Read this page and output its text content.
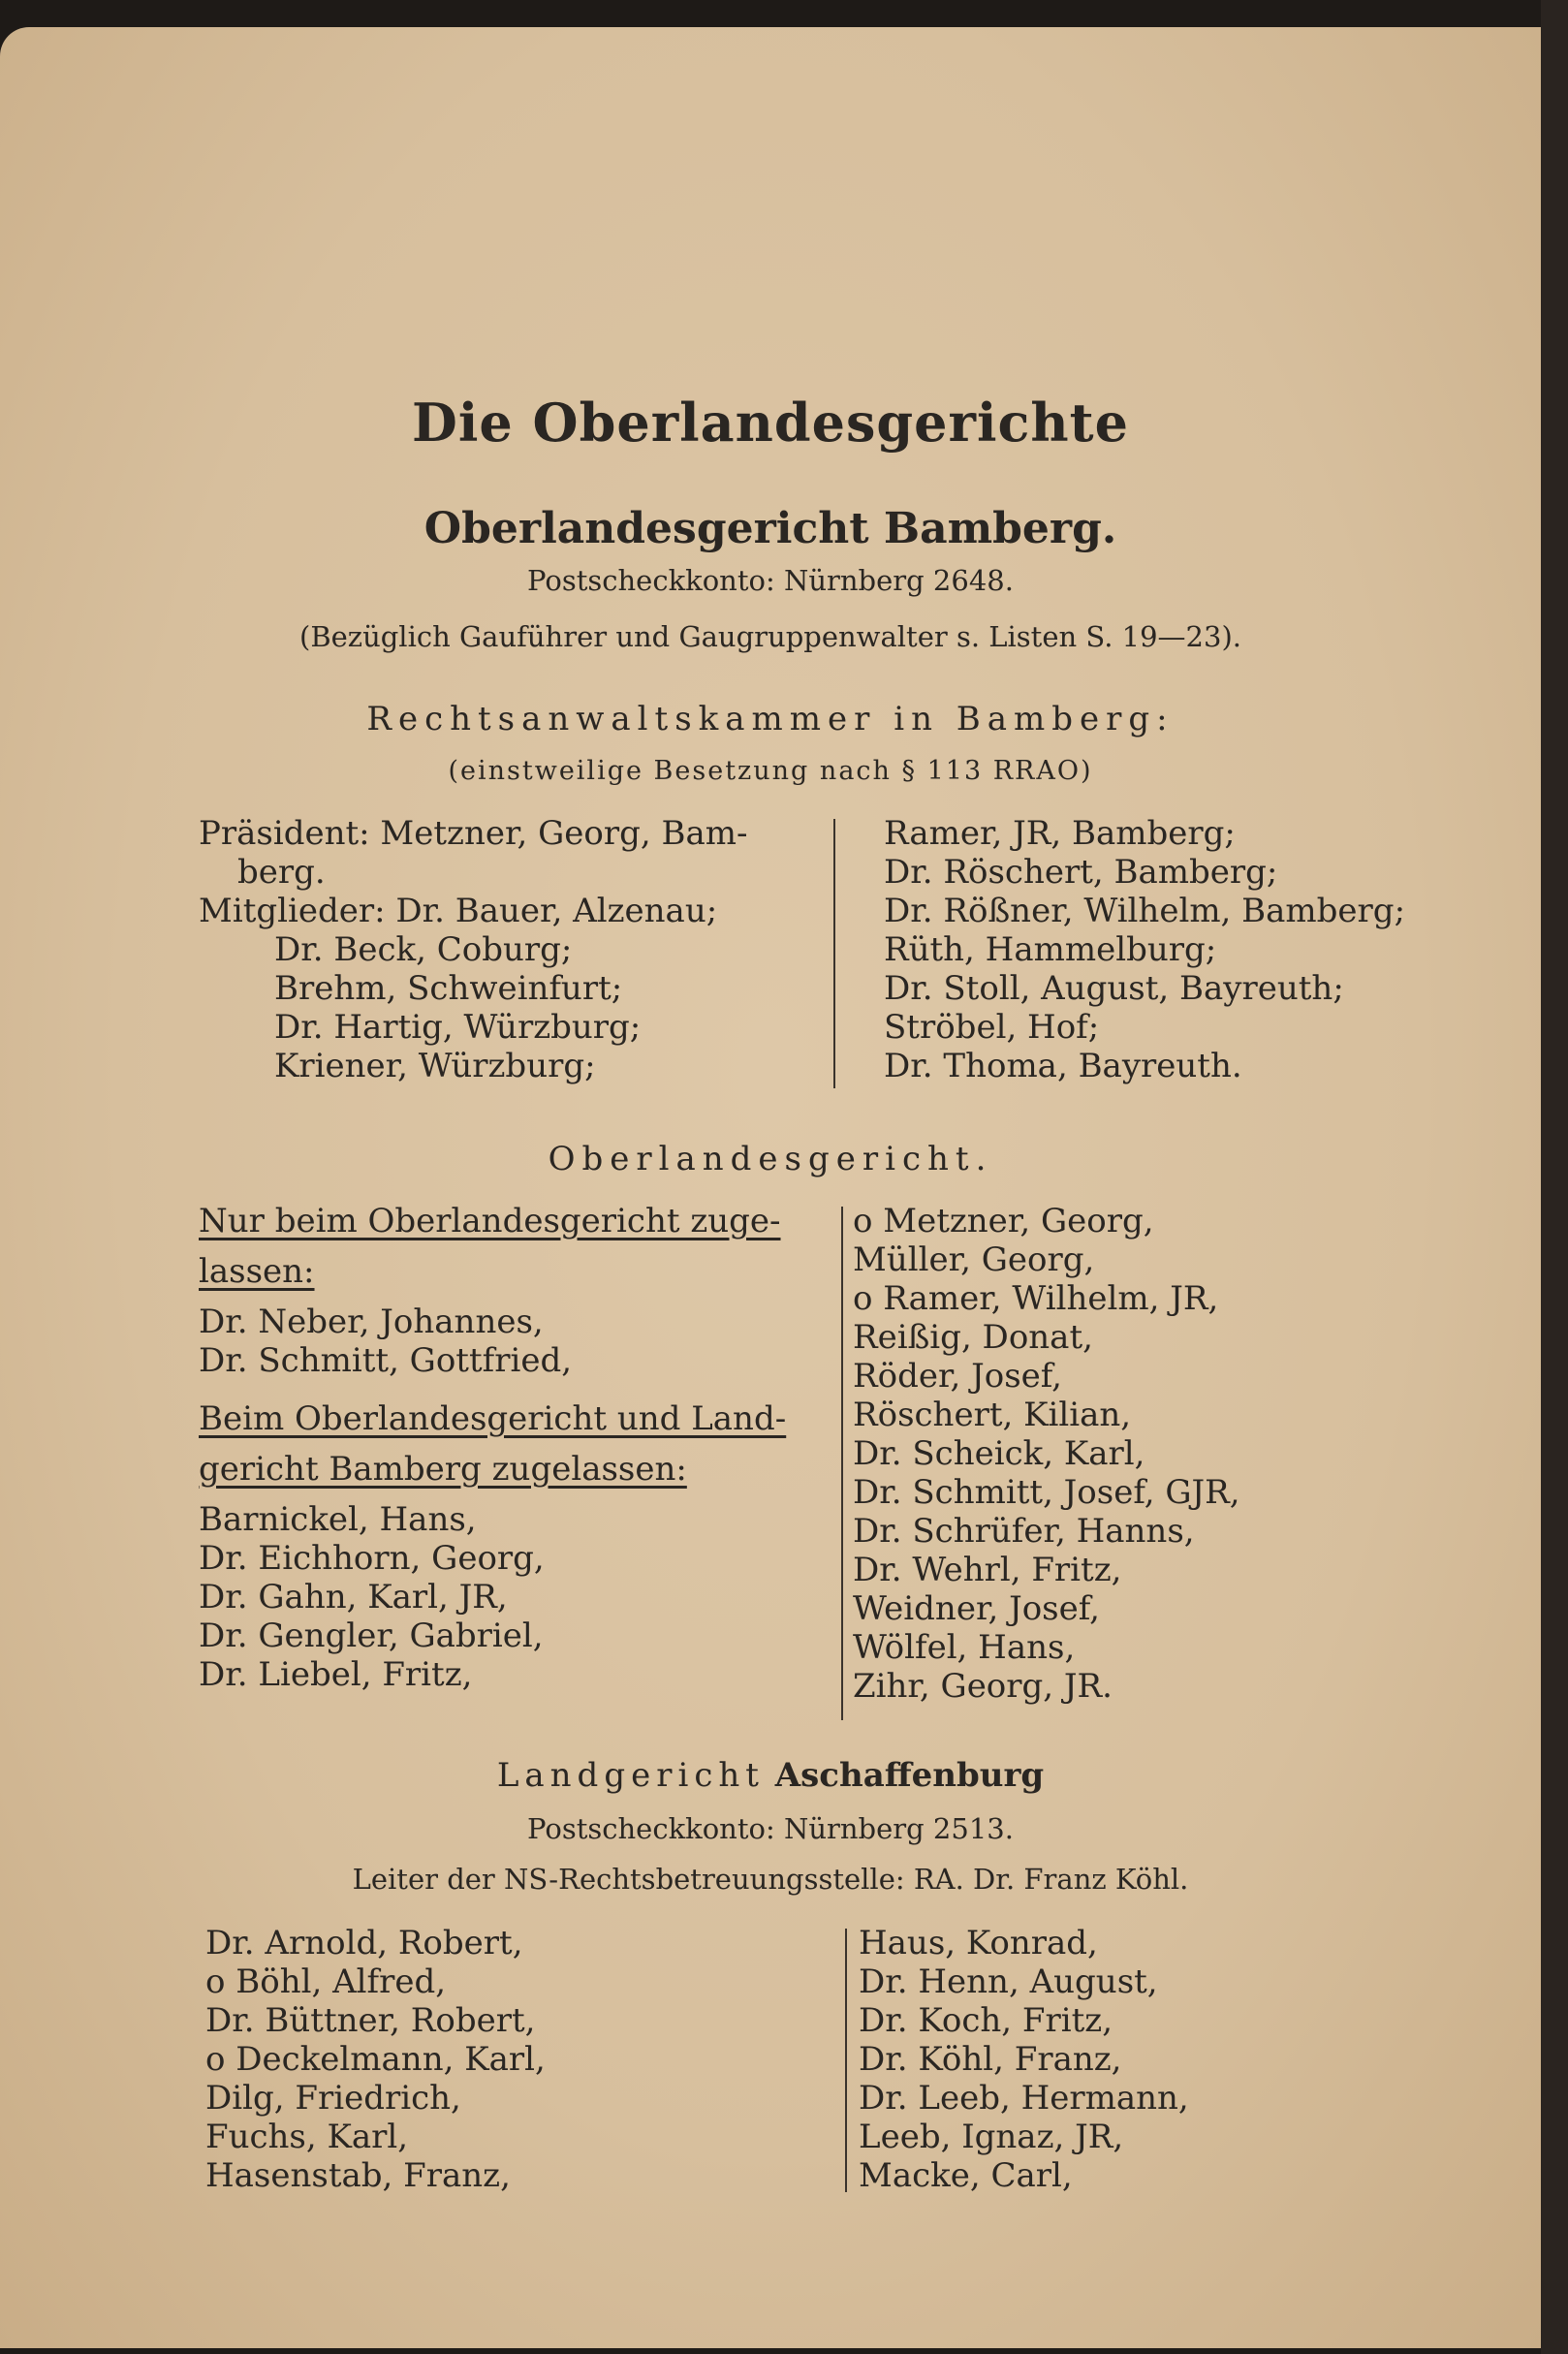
Die Oberlandesgerichte
Oberlandesgericht Bamberg.
Postscheckkonto: Nürnberg 2648.
(Bezüglich Gauführer und Gaugruppenwalter s. Listen S. 19—23).
Rechtsanwaltskammer in Bamberg:
(einstweilige Besetzung nach § 113 RRAO)
Präsident: Metzner, Georg, Bam-
berg.
Mitglieder: Dr. Bauer, Alzenau;
Dr. Beck, Coburg;
Brehm, Schweinfurt;
Dr. Hartig, Würzburg;
Kriener, Würzburg;
Ramer, JR, Bamberg;
Dr. Röschert, Bamberg;
Dr. Rößner, Wilhelm, Bamberg;
Rüth, Hammelburg;
Dr. Stoll, August, Bayreuth;
Ströbel, Hof;
Dr. Thoma, Bayreuth.
Oberlandesgericht.
Nur beim Oberlandesgericht zuge-
lassen:
Dr. Neber, Johannes,
Dr. Schmitt, Gottfried,
Beim Oberlandesgericht und Land-
gericht Bamberg zugelassen:
Barnickel, Hans,
Dr. Eichhorn, Georg,
Dr. Gahn, Karl, JR,
Dr. Gengler, Gabriel,
Dr. Liebel, Fritz,
o Metzner, Georg,
Müller, Georg,
o Ramer, Wilhelm, JR,
Reißig, Donat,
Röder, Josef,
Röschert, Kilian,
Dr. Scheick, Karl,
Dr. Schmitt, Josef, GJR,
Dr. Schrüfer, Hanns,
Dr. Wehrl, Fritz,
Weidner, Josef,
Wölfel, Hans,
Zihr, Georg, JR.
Landgericht Aschaffenburg
Postscheckkonto: Nürnberg 2513.
Leiter der NS-Rechtsbetreuungsstelle: RA. Dr. Franz Köhl.
Dr. Arnold, Robert,
o Böhl, Alfred,
Dr. Büttner, Robert,
o Deckelmann, Karl,
Dilg, Friedrich,
Fuchs, Karl,
Hasenstab, Franz,
Haus, Konrad,
Dr. Henn, August,
Dr. Koch, Fritz,
Dr. Köhl, Franz,
Dr. Leeb, Hermann,
Leeb, Ignaz, JR,
Macke, Carl,
